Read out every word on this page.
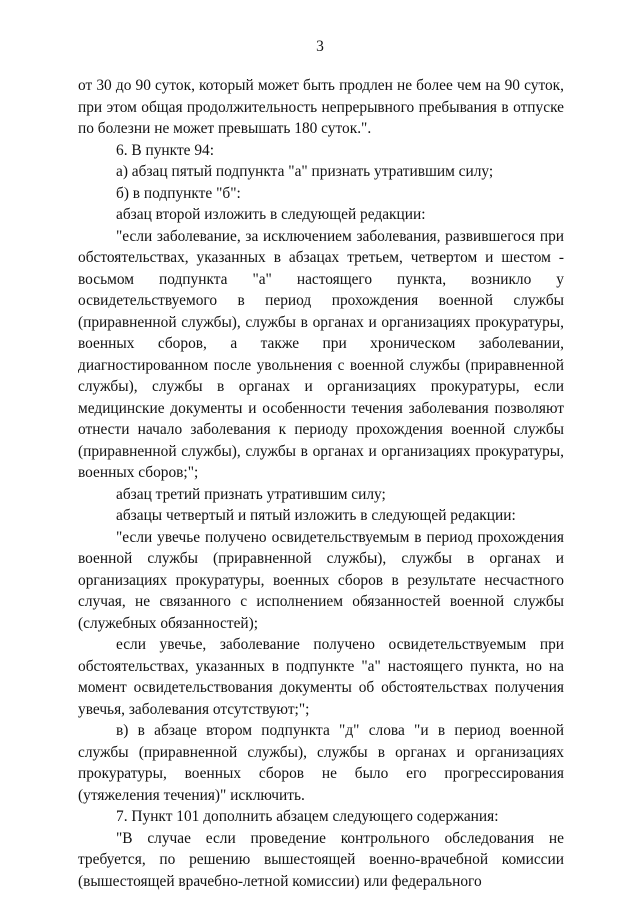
3

от 30 до 90 суток, который может быть продлен не более чем на 90 суток, при этом общая продолжительность непрерывного пребывания в отпуске по болезни не может превышать 180 суток.".

6. В пункте 94:

а) абзац пятый подпункта "а" признать утратившим силу;

б) в подпункте "б":

абзац второй изложить в следующей редакции:

"если заболевание, за исключением заболевания, развившегося при обстоятельствах, указанных в абзацах третьем, четвертом и шестом - восьмом подпункта "а" настоящего пункта, возникло у освидетельствуемого в период прохождения военной службы (приравненной службы), службы в органах и организациях прокуратуры, военных сборов, а также при хроническом заболевании, диагностированном после увольнения с военной службы (приравненной службы), службы в органах и организациях прокуратуры, если медицинские документы и особенности течения заболевания позволяют отнести начало заболевания к периоду прохождения военной службы (приравненной службы), службы в органах и организациях прокуратуры, военных сборов;";

абзац третий признать утратившим силу;

абзацы четвертый и пятый изложить в следующей редакции:

"если увечье получено освидетельствуемым в период прохождения военной службы (приравненной службы), службы в органах и организациях прокуратуры, военных сборов в результате несчастного случая, не связанного с исполнением обязанностей военной службы (служебных обязанностей);

если увечье, заболевание получено освидетельствуемым при обстоятельствах, указанных в подпункте "а" настоящего пункта, но на момент освидетельствования документы об обстоятельствах получения увечья, заболевания отсутствуют;";

в) в абзаце втором подпункта "д" слова "и в период военной службы (приравненной службы), службы в органах и организациях прокуратуры, военных сборов не было его прогрессирования (утяжеления течения)" исключить.

7. Пункт 101 дополнить абзацем следующего содержания:

"В случае если проведение контрольного обследования не требуется, по решению вышестоящей военно-врачебной комиссии (вышестоящей врачебно-летной комиссии) или федерального
